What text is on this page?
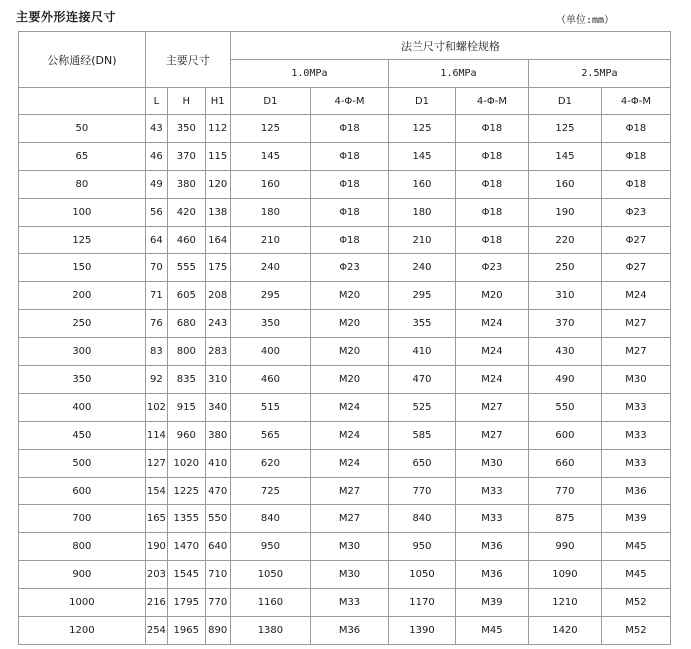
主要外形连接尺寸	（单位:mm）
公称通经(DN)	主要尺寸			法兰尺寸和螺栓规格					
				1.0MPa		1.6MPa		2.5MPa	
	L	H	H1	D1	4-Φ-M	D1	4-Φ-M	D1	4-Φ-M
50	43	350	112	125	Φ18	125	Φ18	125	Φ18
65	46	370	115	145	Φ18	145	Φ18	145	Φ18
80	49	380	120	160	Φ18	160	Φ18	160	Φ18
100	56	420	138	180	Φ18	180	Φ18	190	Φ23
125	64	460	164	210	Φ18	210	Φ18	220	Φ27
150	70	555	175	240	Φ23	240	Φ23	250	Φ27
200	71	605	208	295	M20	295	M20	310	M24
250	76	680	243	350	M20	355	M24	370	M27
300	83	800	283	400	M20	410	M24	430	M27
350	92	835	310	460	M20	470	M24	490	M30
400	102	915	340	515	M24	525	M27	550	M33
450	114	960	380	565	M24	585	M27	600	M33
500	127	1020	410	620	M24	650	M30	660	M33
600	154	1225	470	725	M27	770	M33	770	M36
700	165	1355	550	840	M27	840	M33	875	M39
800	190	1470	640	950	M30	950	M36	990	M45
900	203	1545	710	1050	M30	1050	M36	1090	M45
1000	216	1795	770	1160	M33	1170	M39	1210	M52
1200	254	1965	890	1380	M36	1390	M45	1420	M52
